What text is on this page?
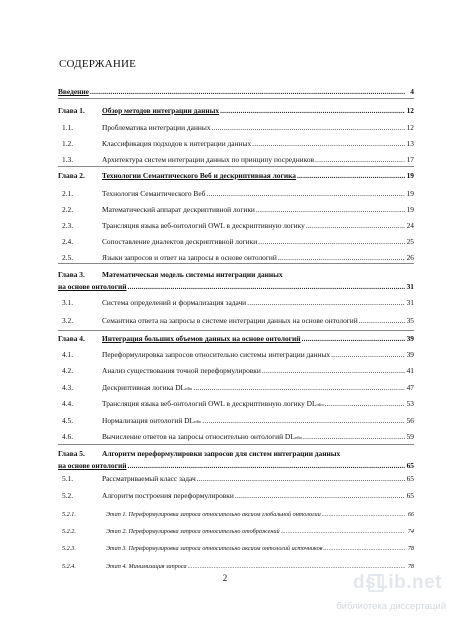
СОДЕРЖАНИЕ
Введение .....	4
Глава 1.	Обзор методов интеграции данных .....	12
1.1.	Проблематика интеграции данных .....	12
1.2.	Классификация подходов к интеграции данных .....	13
1.3.	Архитектура систем интеграции данных по принципу посредников .....	17
Глава 2.	Технологии Семантического Веб и дескриптивная логика .....	19
2.1.	Технология Семантического Веб .....	19
2.2.	Математический аппарат дескриптивной логики .....	19
2.3.	Трансляция языка веб-онтологий OWL в дескриптивную логику .....	24
2.4.	Сопоставление диалектов дескриптивной логики .....	25
2.5.	Языки запросов и ответ на запросы в основе онтологий .....	26
Глава 3.	Математическая модель системы интеграции данных
на основе онтологий .....	31
3.1.	Система определений и формализация задачи .....	31
3.2.	Семантика ответа на запросы в системе интеграции данных на основе онтологий .....	35
Глава 4.	Интеграция больших объемов данных на основе онтологий .....	39
4.1.	Переформулировка запросов относительно системы интеграции данных .....	39
4.2.	Анализ существования точной переформулировки .....	41
4.3.	Дескриптивная логика DL rdio .....	47
4.4.	Трансляция языка веб-онтологий OWL в дескриптивную логику DL rdio .....	53
4.5.	Нормализация онтологий DL rdio .....	56
4.6.	Вычисление ответов на запросы относительно онтологий DL rdio .....	59
Глава 5.	Алгоритм переформулировки запросов для систем интеграции данных
на основе онтологий .....	65
5.1.	Рассматриваемый класс задач .....	65
5.2.	Алгоритм построения переформулировки .....	65
5.2.1.	Этап 1. Переформулировка запроса относительно аксиом глобальной онтологии .....	66
5.2.2.	Этап 2. Переформулировка запроса относительно отображений .....	74
5.2.3.	Этап 3. Переформулировка запроса относительно аксиом онтологий источников .....	78
5.2.4.	Этап 4. Минимизация запроса .....	78
2	dsLib.net
библиотека диссертаций
